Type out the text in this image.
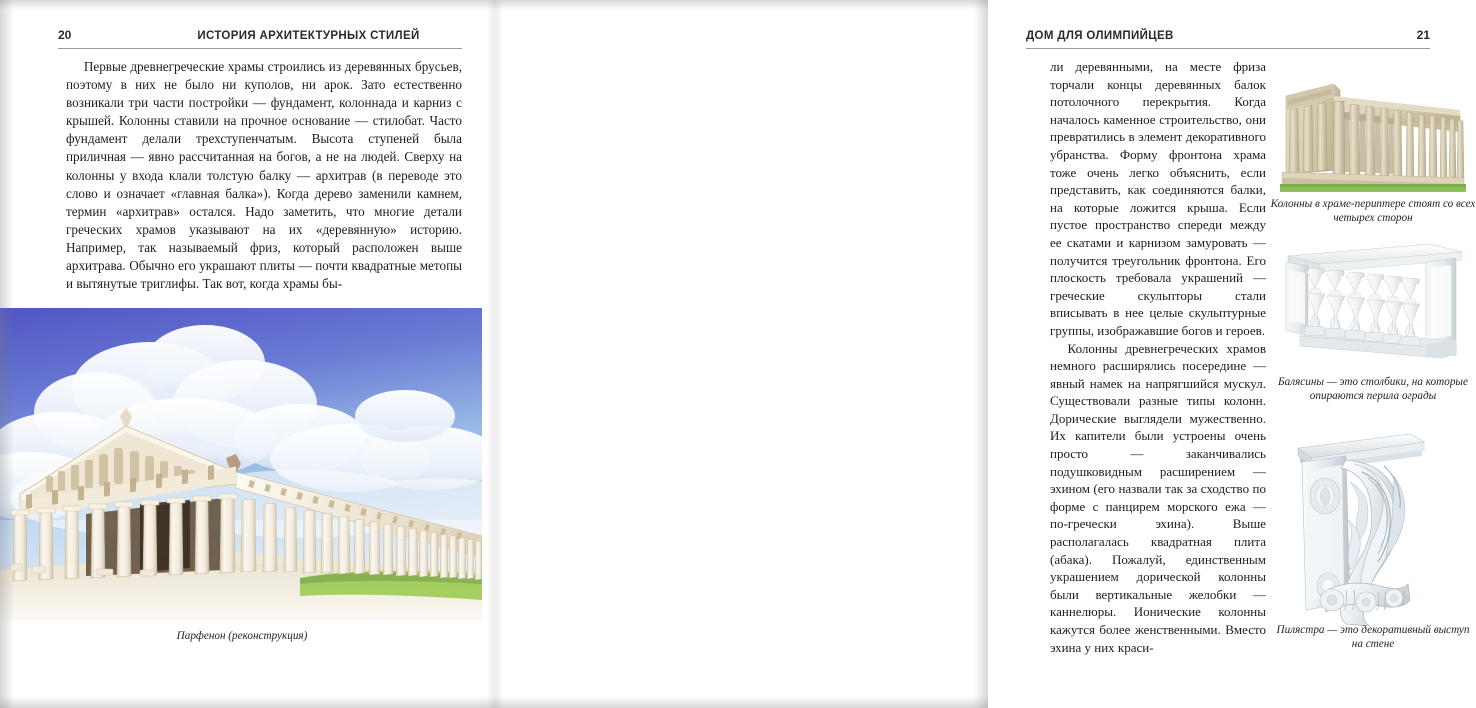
20	ИСТОРИЯ АРХИТЕКТУРНЫХ СТИЛЕЙ

Первые древнегреческие храмы строились из деревянных брусьев, поэтому в них не было ни куполов, ни арок. Зато естественно возникали три части постройки — фундамент, колоннада и карниз с крышей. Колонны ставили на прочное основание — стилобат. Часто фундамент делали трехступенчатым. Высота ступеней была приличная — явно рассчитанная на богов, а не на людей. Сверху на колонны у входа клали толстую балку — архитрав (в переводе это слово и означает «главная балка»). Когда дерево заменили камнем, термин «архитрав» остался. Надо заметить, что многие детали греческих храмов указывают на их «деревянную» историю. Например, так называемый фриз, который расположен выше архитрава. Обычно его украшают плиты — почти квадратные метопы и вытянутые триглифы. Так вот, когда храмы бы-

Парфенон (реконструкция)
ДОМ ДЛЯ ОЛИМПИЙЦЕВ	21

ли деревянными, на месте фриза торчали концы деревянных балок потолочного перекрытия. Когда началось каменное строительство, они превратились в элемент декоративного убранства. Форму фронтона храма тоже очень легко объяснить, если представить, как соединяются балки, на которые ложится крыша. Если пустое пространство спереди между ее скатами и карнизом замуровать — получится треугольник фронтона. Его плоскость требовала украшений — греческие скульпторы стали вписывать в нее целые скульптурные группы, изображавшие богов и героев.

Колонны древнегреческих храмов немного расширялись посередине — явный намек на напрягшийся мускул. Существовали разные типы колонн. Дорические выглядели мужественно. Их капители были устроены очень просто — заканчивались подушковидным расширением — эхином (его назвали так за сходство по форме с панцирем морского ежа — по-гречески эхина). Выше располагалась квадратная плита (абака). Пожалуй, единственным украшением дорической колонны были вертикальные желобки — каннелюры. Ионические колонны кажутся более женственными. Вместо эхина у них краси-

Колонны в храме-периптере стоят со всех четырех сторон
Балясины — это столбики, на которые опираются перила ограды
Пилястра — это декоративный выступ на стене
